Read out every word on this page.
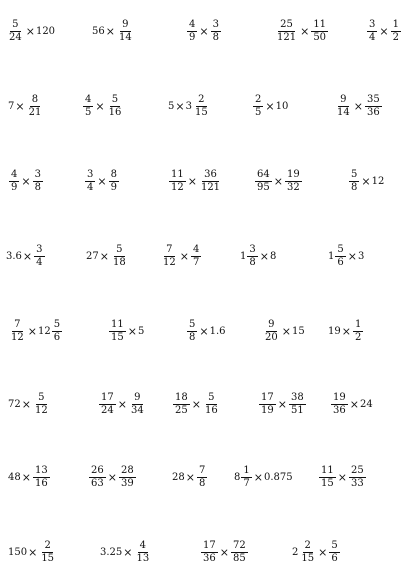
$\frac{5}{24} \times 120$	$56 \times \frac{9}{14}$	$\frac{4}{9} \times \frac{3}{8}$	$\frac{25}{121} \times \frac{11}{50}$	$\frac{3}{4} \times \frac{1}{2}$
$7 \times \frac{8}{21}$	$\frac{4}{5} \times \frac{5}{16}$	$5 \times 3 \frac{2}{15}$	$\frac{2}{5} \times 10$	$\frac{9}{14} \times \frac{35}{36}$
$\frac{4}{9} \times \frac{3}{8}$	$\frac{3}{4} \times \frac{8}{9}$	$\frac{11}{12} \times \frac{36}{121}$	$\frac{64}{95} \times \frac{19}{32}$	$\frac{5}{8} \times 12$
$3.6 \times \frac{3}{4}$	$27 \times \frac{5}{18}$	$\frac{7}{12} \times \frac{4}{7}$	$1 \frac{3}{8} \times 8$	$1 \frac{5}{6} \times 3$
$\frac{7}{12} \times 12 \frac{5}{6}$	$\frac{11}{15} \times 5$	$\frac{5}{8} \times 1.6$	$\frac{9}{20} \times 15$ $19 \times \frac{1}{2}$
$72 \times \frac{5}{12}$	$\frac{17}{24} \times \frac{9}{34}$	$\frac{18}{25} \times \frac{5}{16}$	$\frac{17}{19} \times \frac{38}{51}$	$\frac{19}{36} \times 24$
$48 \times \frac{13}{16}$	$\frac{26}{63} \times \frac{28}{39}$	$28 \times \frac{7}{8}$	$8 \frac{1}{7} \times 0.875$	$\frac{11}{15} \times \frac{25}{33}$
$150 \times \frac{2}{15}$	$3.25 \times \frac{4}{13}$	$\frac{17}{36} \times \frac{72}{85}$	$2 \frac{2}{15} \times \frac{5}{6}$
